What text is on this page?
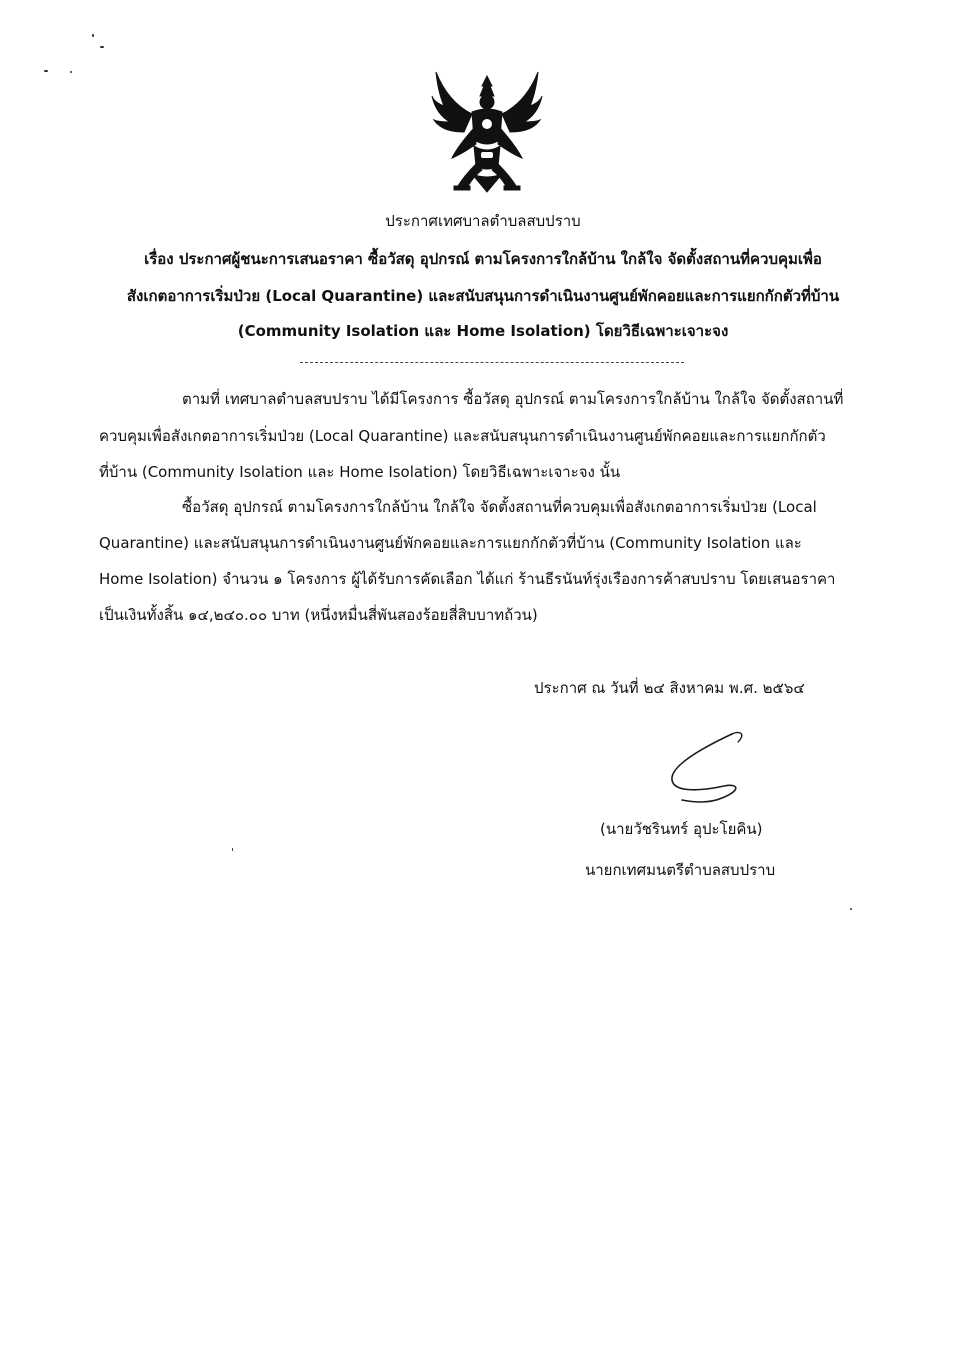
ประกาศเทศบาลตำบลสบปราบ
เรื่อง ประกาศผู้ชนะการเสนอราคา ซื้อวัสดุ อุปกรณ์ ตามโครงการใกล้บ้าน ใกล้ใจ จัดตั้งสถานที่ควบคุมเพื่อ
สังเกตอาการเริ่มป่วย (Local Quarantine) และสนับสนุนการดำเนินงานศูนย์พักคอยและการแยกกักตัวที่บ้าน
(Community Isolation และ Home Isolation) โดยวิธีเฉพาะเจาะจง
ตามที่ เทศบาลตำบลสบปราบ ได้มีโครงการ ซื้อวัสดุ อุปกรณ์ ตามโครงการใกล้บ้าน ใกล้ใจ จัดตั้งสถานที่
ควบคุมเพื่อสังเกตอาการเริ่มป่วย (Local Quarantine) และสนับสนุนการดำเนินงานศูนย์พักคอยและการแยกกักตัว
ที่บ้าน (Community Isolation และ Home Isolation) โดยวิธีเฉพาะเจาะจง นั้น
ซื้อวัสดุ อุปกรณ์ ตามโครงการใกล้บ้าน ใกล้ใจ จัดตั้งสถานที่ควบคุมเพื่อสังเกตอาการเริ่มป่วย (Local
Quarantine) และสนับสนุนการดำเนินงานศูนย์พักคอยและการแยกกักตัวที่บ้าน (Community Isolation และ
Home Isolation) จำนวน ๑ โครงการ ผู้ได้รับการคัดเลือก ได้แก่ ร้านธีรนันท์รุ่งเรืองการค้าสบปราบ โดยเสนอราคา
เป็นเงินทั้งสิ้น ๑๔,๒๔๐.๐๐ บาท (หนึ่งหมื่นสี่พันสองร้อยสี่สิบบาทถ้วน)
ประกาศ ณ วันที่ ๒๔ สิงหาคม พ.ศ. ๒๕๖๔
(นายวัชรินทร์ อุปะโยคิน)
นายกเทศมนตรีตำบลสบปราบ
